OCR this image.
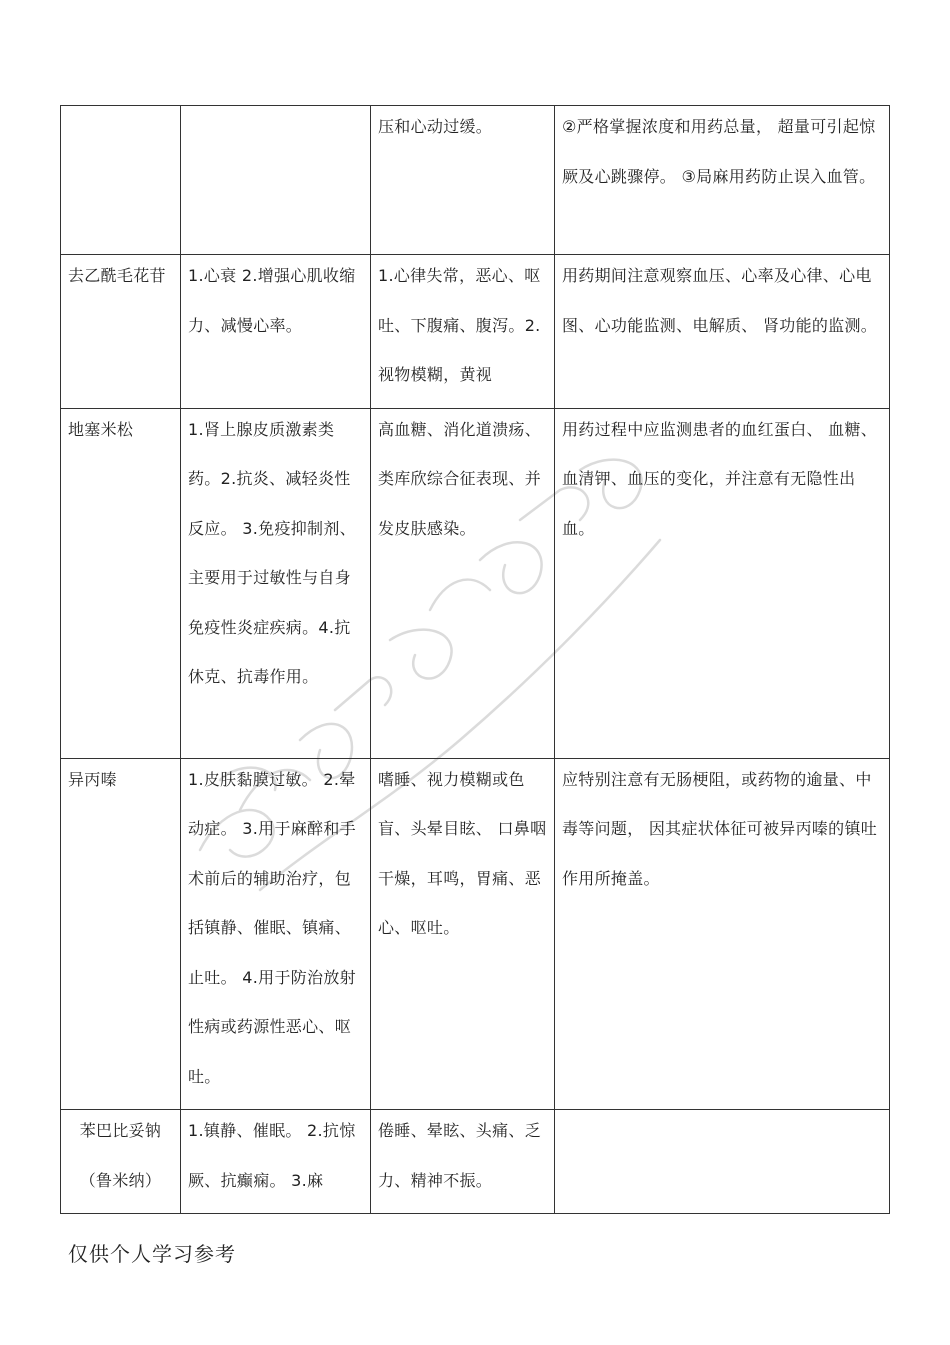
		压和心动过缓。	②严格掌握浓度和用药总量， 超量可引起惊厥及心跳骤停。 ③局麻用药防止误入血管。

去乙酰毛花苷	1.心衰 2.增强心肌收缩力、减慢心率。	1.心律失常，恶心、呕吐、下腹痛、腹泻。2.视物模糊，黄视	用药期间注意观察血压、心率及心律、心电图、心功能监测、电解质、 肾功能的监测。

地塞米松	1.肾上腺皮质激素类药。2.抗炎、减轻炎性反应。 3.免疫抑制剂、主要用于过敏性与自身免疫性炎症疾病。4.抗休克、抗毒作用。	高血糖、消化道溃疡、类库欣综合征表现、并发皮肤感染。	用药过程中应监测患者的血红蛋白、 血糖、血清钾、血压的变化，并注意有无隐性出血。

异丙嗪	1.皮肤黏膜过敏。 2.晕动症。 3.用于麻醉和手术前后的辅助治疗，包括镇静、催眠、镇痛、止吐。 4.用于防治放射性病或药源性恶心、呕吐。	嗜睡、视力模糊或色盲、头晕目眩、 口鼻咽干燥，耳鸣，胃痛、恶心、呕吐。	应特别注意有无肠梗阻，或药物的逾量、中毒等问题， 因其症状体征可被异丙嗪的镇吐作用所掩盖。

苯巴比妥钠（鲁米纳）	1.镇静、催眠。 2.抗惊厥、抗癫痫。 3.麻	倦睡、晕眩、头痛、乏力、精神不振。	

仅供个人学习参考
